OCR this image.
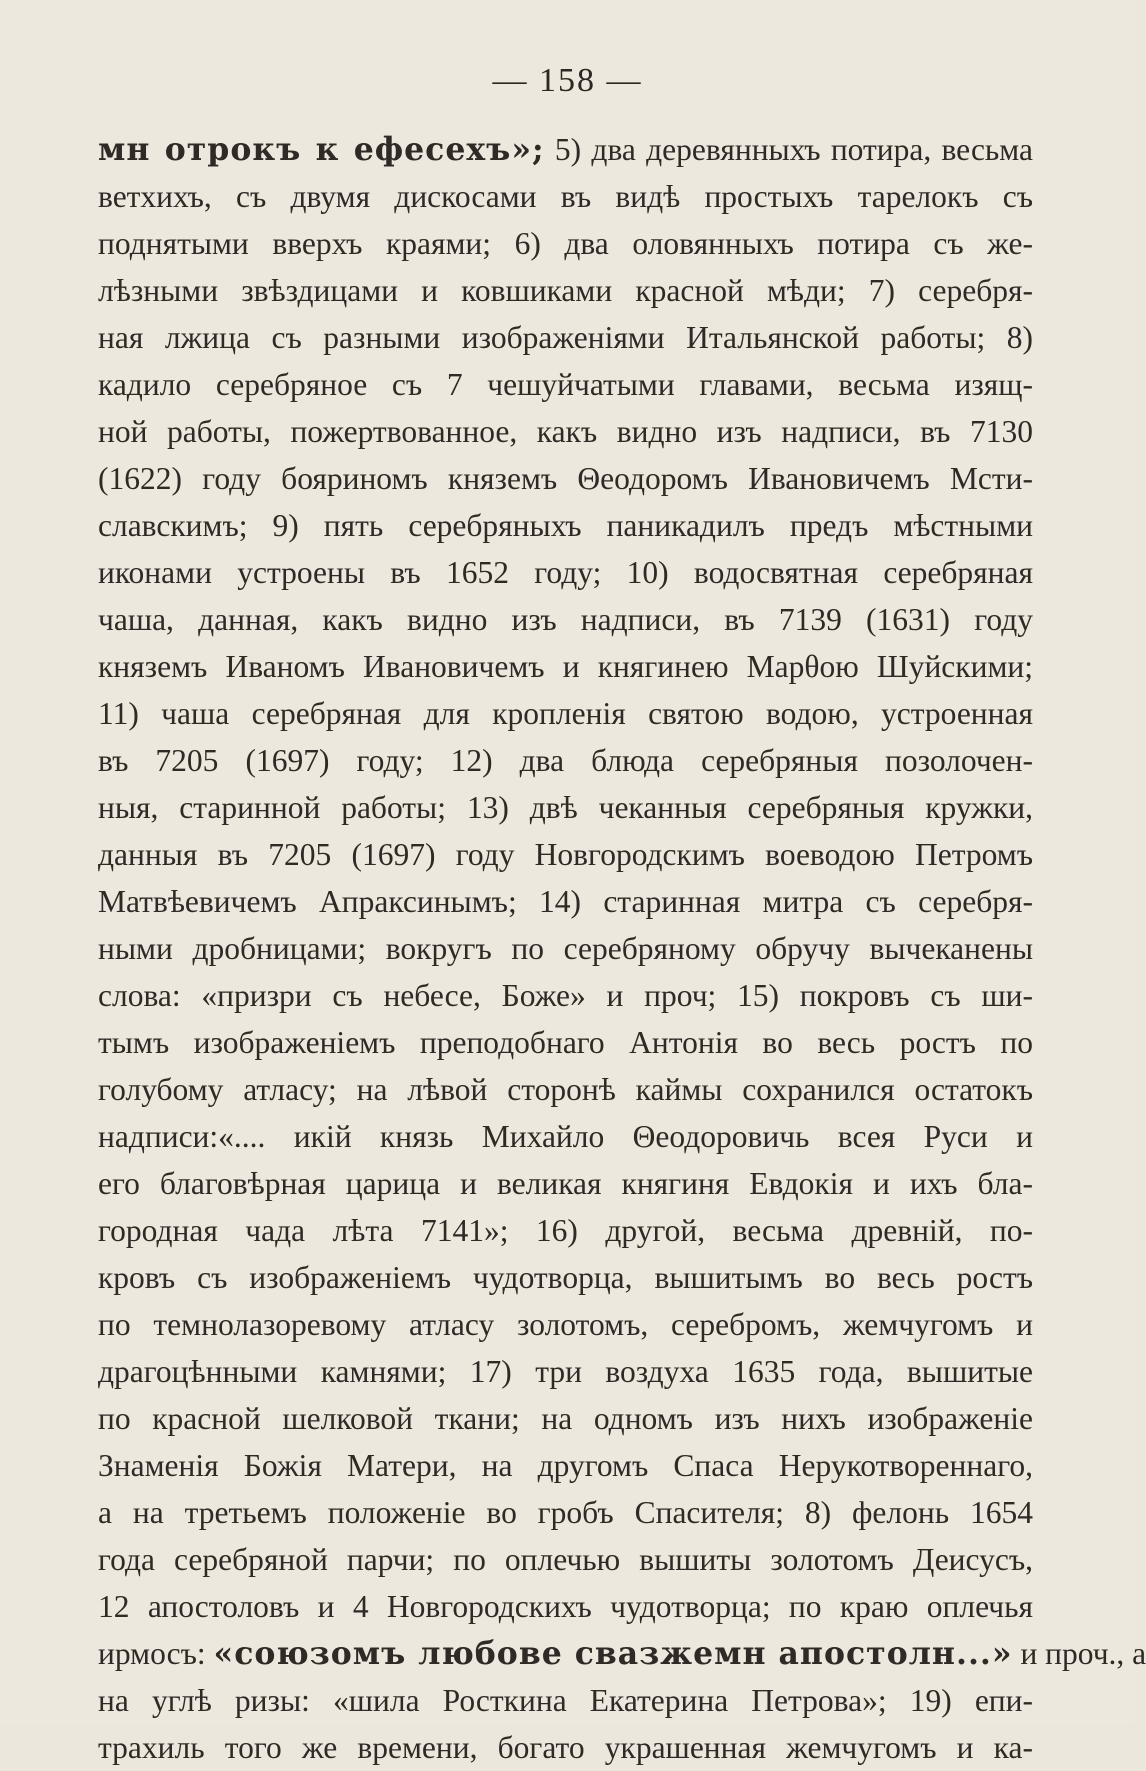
— 158 —
мн отрокъ к ефесехъ»; 5) два деревянныхъ потира, весьма
ветхихъ, съ двумя дискосами въ видѣ простыхъ тарелокъ съ
поднятыми вверхъ краями; 6) два оловянныхъ потира съ же-
лѣзными звѣздицами и ковшиками красной мѣди; 7) серебря-
ная лжица съ разными изображеніями Итальянской работы; 8)
кадило серебряное съ 7 чешуйчатыми главами, весьма изящ-
ной работы, пожертвованное, какъ видно изъ надписи, въ 7130
(1622) году бояриномъ княземъ Θеодоромъ Ивановичемъ Мсти-
славскимъ; 9) пять серебряныхъ паникадилъ предъ мѣстными
иконами устроены въ 1652 году; 10) водосвятная серебряная
чаша, данная, какъ видно изъ надписи, въ 7139 (1631) году
княземъ Иваномъ Ивановичемъ и княгинею Марθою Шуйскими;
11) чаша серебряная для кропленія святою водою, устроенная
въ 7205 (1697) году; 12) два блюда серебряныя позолочен-
ныя, старинной работы; 13) двѣ чеканныя серебряныя кружки,
данныя въ 7205 (1697) году Новгородскимъ воеводою Петромъ
Матвѣевичемъ Апраксинымъ; 14) старинная митра съ серебря-
ными дробницами; вокругъ по серебряному обручу вычеканены
слова: «призри съ небесе, Боже» и проч; 15) покровъ съ ши-
тымъ изображеніемъ преподобнаго Антонія во весь ростъ по
голубому атласу; на лѣвой сторонѣ каймы сохранился остатокъ
надписи:«.... икій князь Михайло Θеодоровичь всея Руси и
его благовѣрная царица и великая княгиня Евдокія и ихъ бла-
городная чада лѣта 7141»; 16) другой, весьма древній, по-
кровъ съ изображеніемъ чудотворца, вышитымъ во весь ростъ
по темнолазоревому атласу золотомъ, серебромъ, жемчугомъ и
драгоцѣнными камнями; 17) три воздуха 1635 года, вышитые
по красной шелковой ткани; на одномъ изъ нихъ изображеніе
Знаменія Божія Матери, на другомъ Спаса Нерукотвореннаго,
а на третьемъ положеніе во гробъ Спасителя; 8) фелонь 1654
года серебряной парчи; по оплечью вышиты золотомъ Деисусъ,
12 апостоловъ и 4 Новгородскихъ чудотворца; по краю оплечья
ирмосъ: «союзомъ любове свазжемн апостолн...» и проч., а
на углѣ ризы: «шила Росткина Екатерина Петрова»; 19) епи-
трахиль того же времени, богато украшенная жемчугомъ и ка-
